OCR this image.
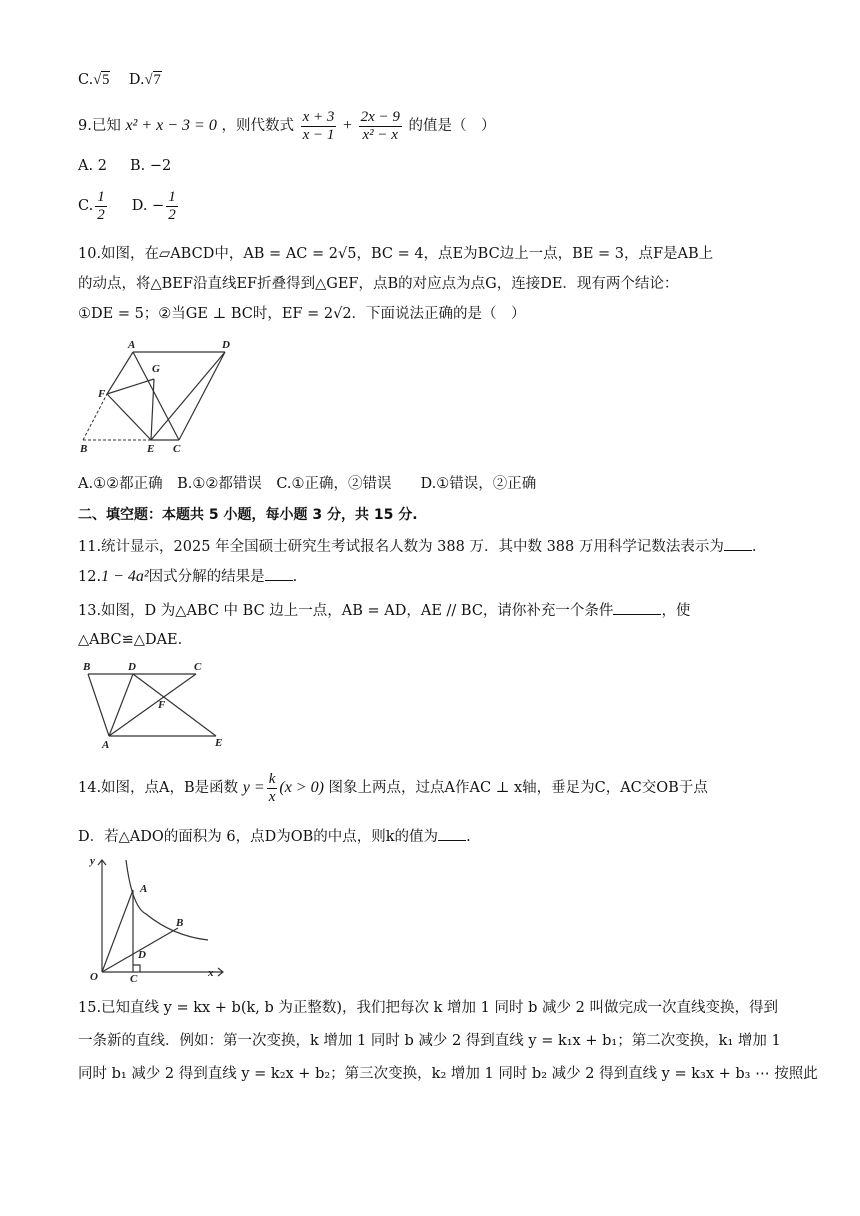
C.√5 D.√7
9.已知 x² + x − 3 = 0 ，则代数式 $\frac{x + 3}{x - 1} + \frac{2x - 9}{\text{x² − x}}$ 的值是（　）
A. 2 B. −2
C. $\frac{1}{2} D$. − $\frac{1}{2}$
10.如图，在▱ABCD中，AB = AC = 2√5，BC = 4，点E为BC边上一点，BE = 3，点F是AB上
的动点，将△BEF沿直线EF折叠得到△GEF，点B的对应点为点G，连接DE．现有两个结论：
①DE = 5；②当GE ⊥ BC时，EF = 2√2．下面说法正确的是（　）
A	D
G
F
B	E C
A.①②都正确　B.①②都错误　C.①正确，②错误　　D.①错误，②正确
二、填空题：本题共 5 小题，每小题 3 分，共 15 分.
11.统计显示，2025 年全国硕士研究生考试报名人数为 388 万．其中数 388 万用科学记数法表示为 .
12.1 − 4a²因式分解的结果是 .
13.如图，D 为△ABC 中 BC 边上一点，AB = AD，AE // BC，请你补充一个条件	，使
△ABC≌△DAE．
B	D	C
F
A	E
14.如图，点A，B是函数 $y = \frac{k}{x} (x > 0)$ 图象上两点，过点A作AC ⊥ x轴，垂足为C，AC交OB于点
D．若△ADO的面积为 6，点D为OB的中点，则k的值为 .
y
x
O
A
B
C
D
15.已知直线 y = kx + b(k, b 为正整数)，我们把每次 k 增加 1 同时 b 减少 2 叫做完成一次直线变换，得到
一条新的直线．例如：第一次变换，k 增加 1 同时 b 减少 2 得到直线 y = k₁x + b₁；第二次变换，k₁ 增加 1
同时 b₁ 减少 2 得到直线 y = k₂x + b₂；第三次变换，k₂ 增加 1 同时 b₂ 减少 2 得到直线 y = k₃x + b₃ ⋯ 按照此
